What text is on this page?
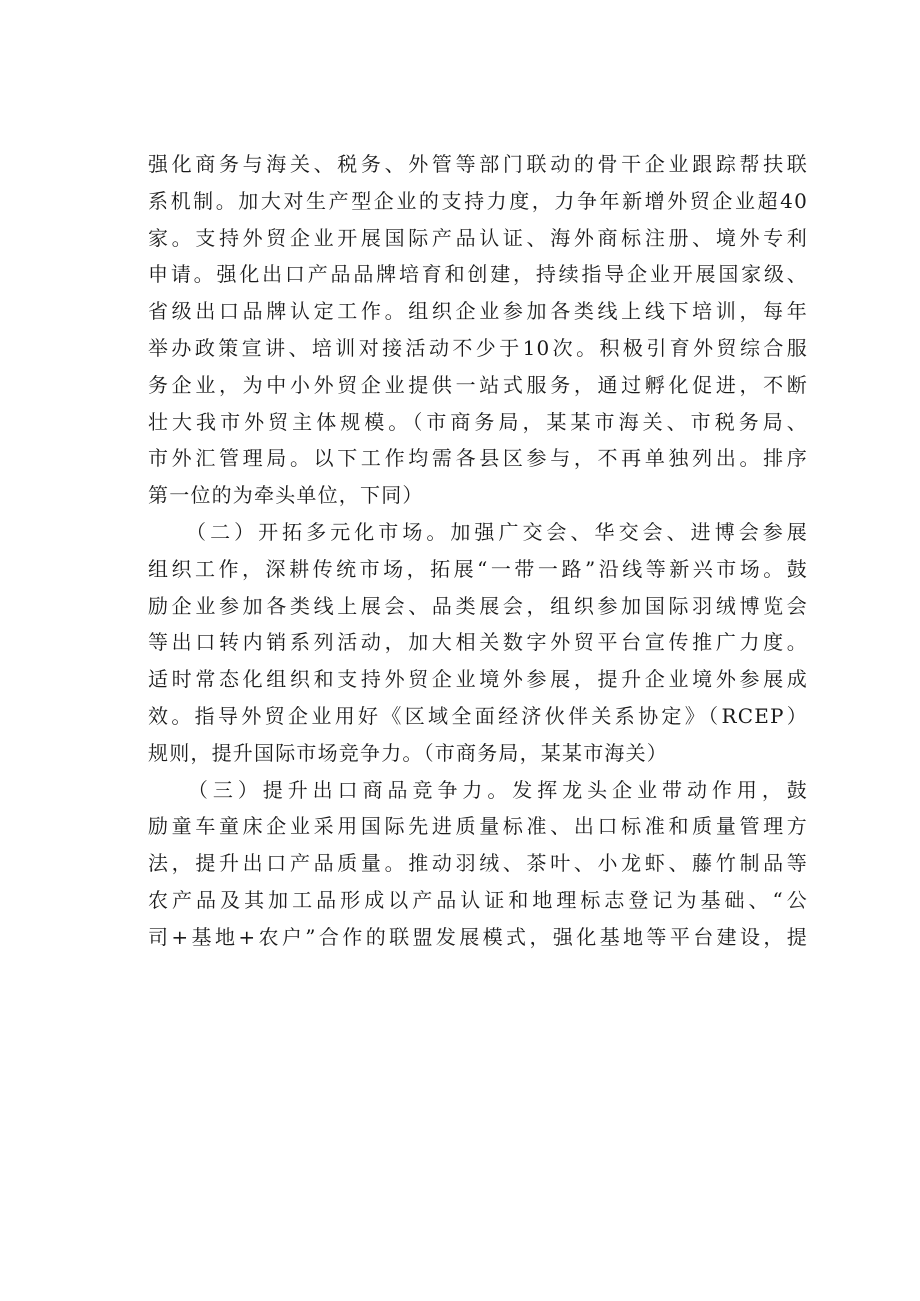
强化商务与海关、税务、外管等部门联动的骨干企业跟踪帮扶联
系机制。加大对生产型企业的支持力度，力争年新增外贸企业超40
家。支持外贸企业开展国际产品认证、海外商标注册、境外专利
申请。强化出口产品品牌培育和创建，持续指导企业开展国家级、
省级出口品牌认定工作。组织企业参加各类线上线下培训，每年
举办政策宣讲、培训对接活动不少于10次。积极引育外贸综合服
务企业，为中小外贸企业提供一站式服务，通过孵化促进，不断
壮大我市外贸主体规模。（市商务局，某某市海关、市税务局、
市外汇管理局。以下工作均需各县区参与，不再单独列出。排序
第一位的为牵头单位，下同）
　　（二）开拓多元化市场。加强广交会、华交会、进博会参展
组织工作，深耕传统市场，拓展“一带一路”沿线等新兴市场。鼓
励企业参加各类线上展会、品类展会，组织参加国际羽绒博览会
等出口转内销系列活动，加大相关数字外贸平台宣传推广力度。
适时常态化组织和支持外贸企业境外参展，提升企业境外参展成
效。指导外贸企业用好《区域全面经济伙伴关系协定》（RCEP）
规则，提升国际市场竞争力。（市商务局，某某市海关）
　　（三）提升出口商品竞争力。发挥龙头企业带动作用，鼓
励童车童床企业采用国际先进质量标准、出口标准和质量管理方
法，提升出口产品质量。推动羽绒、茶叶、小龙虾、藤竹制品等
农产品及其加工品形成以产品认证和地理标志登记为基础、“公
司+基地+农户”合作的联盟发展模式，强化基地等平台建设，提
